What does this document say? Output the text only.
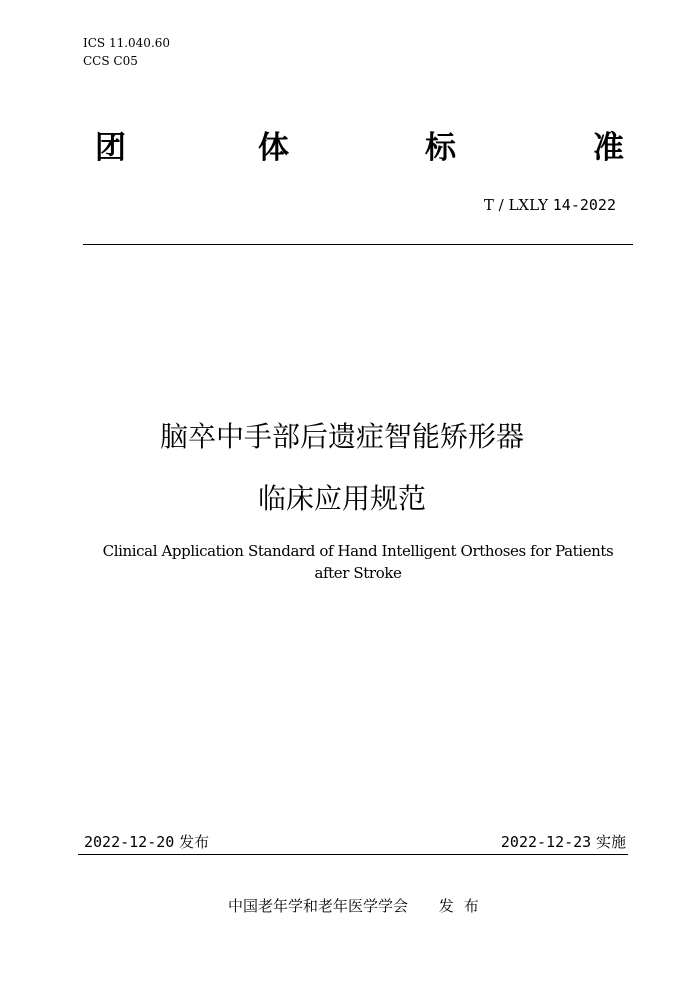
ICS 11.040.60
CCS C05
团	体	标	准
T / LXLY 14-2022
脑卒中手部后遗症智能矫形器
临床应用规范
Clinical Application Standard of Hand Intelligent Orthoses for Patients
after Stroke
2022-12-20 发布	2022-12-23 实施
中国老年学和老年医学学会 发布
